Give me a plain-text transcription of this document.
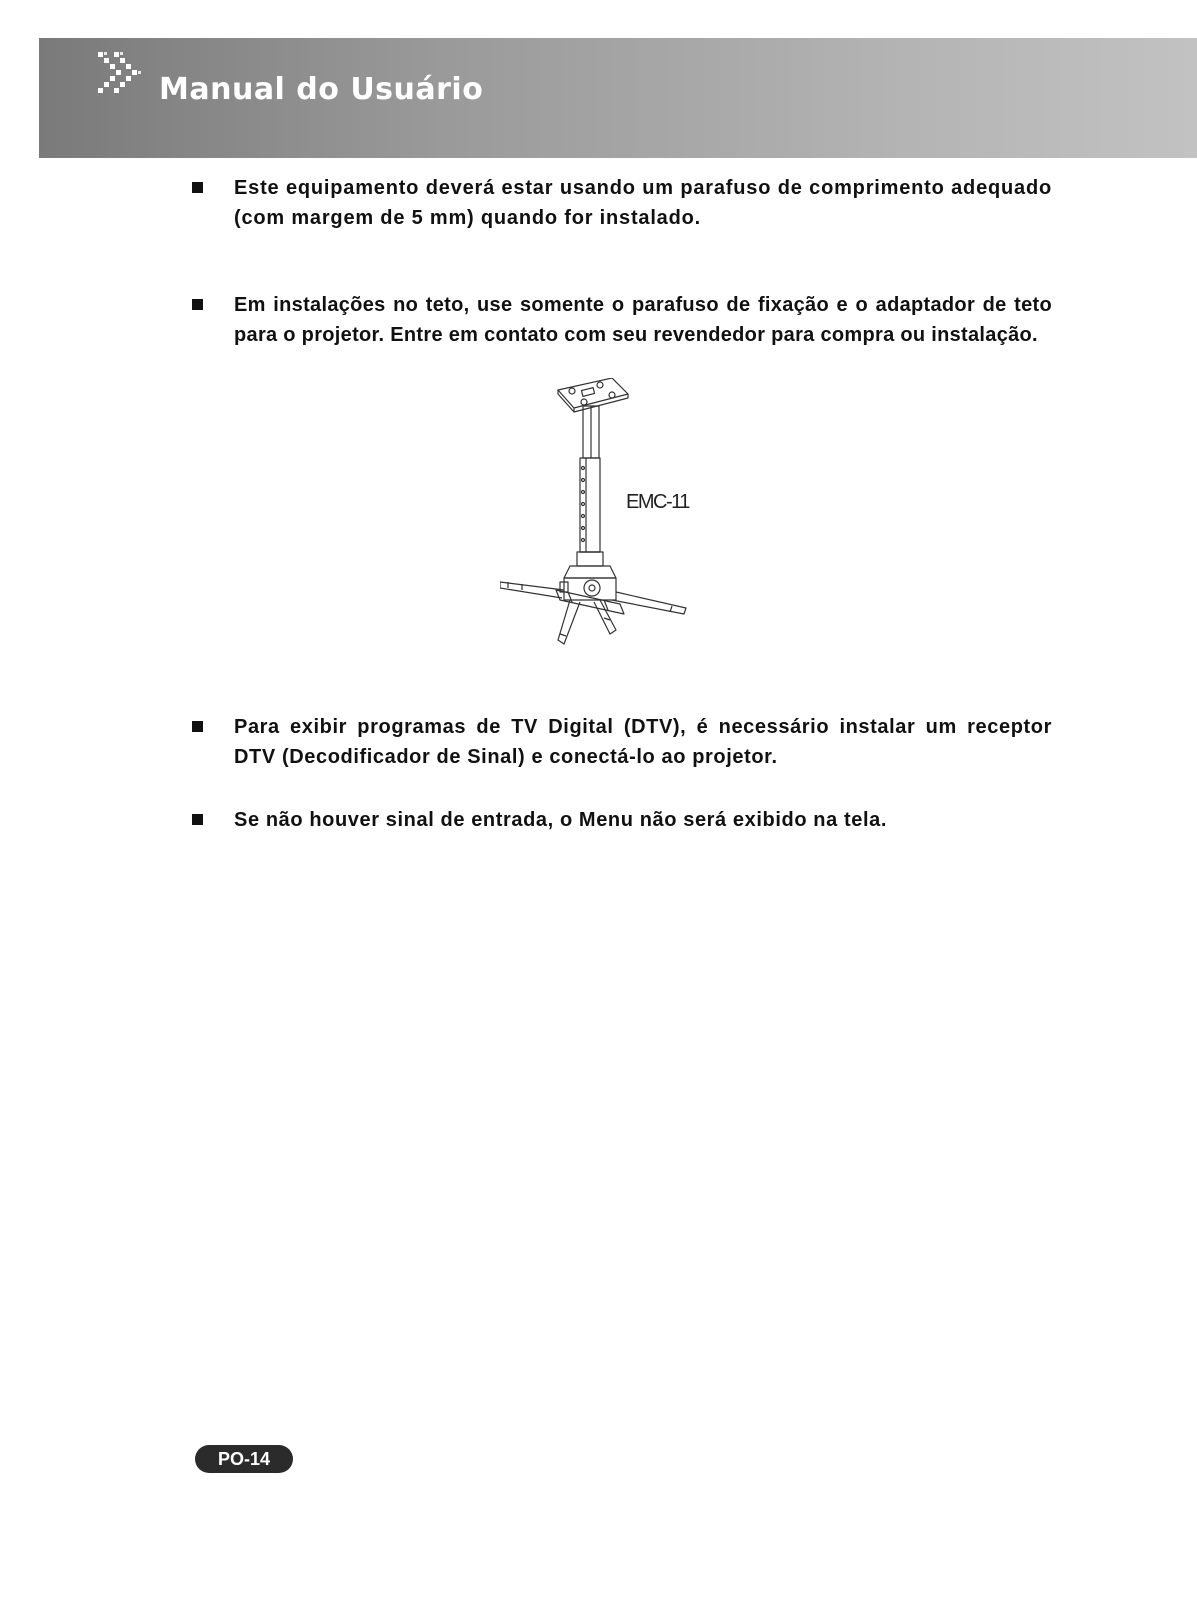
Manual do Usuário
Este equipamento deverá estar usando um parafuso de comprimento adequado (com margem de 5 mm) quando for instalado.
Em instalações no teto, use somente o parafuso de fixação e o adaptador de teto para o projetor. Entre em contato com seu revendedor para compra ou instalação.
EMC-11
Para exibir programas de TV Digital (DTV), é necessário instalar um receptor DTV (Decodificador de Sinal) e conectá-lo ao projetor.
Se não houver sinal de entrada, o Menu não será exibido na tela.
PO-14
